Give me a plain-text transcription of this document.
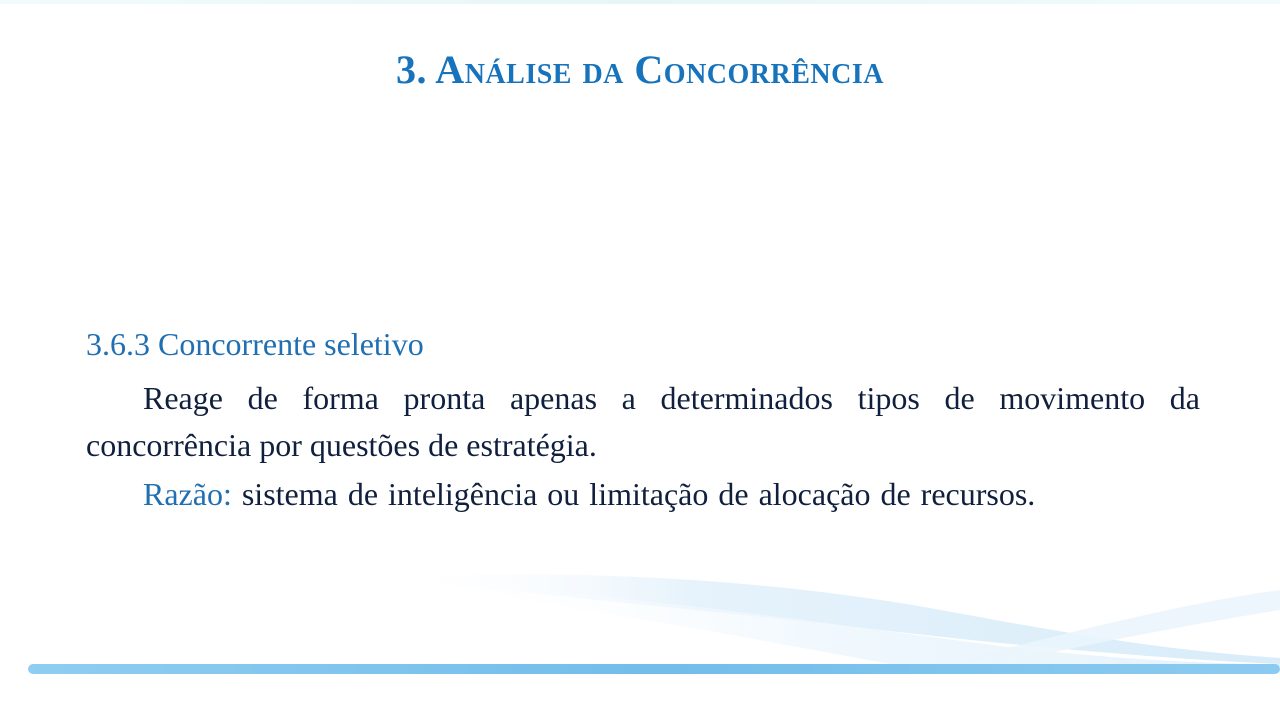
3. Análise da Concorrência
3.6.3 Concorrente seletivo

Reage de forma pronta apenas a determinados tipos de movimento da concorrência por questões de estratégia.

Razão: sistema de inteligência ou limitação de alocação de recursos.
